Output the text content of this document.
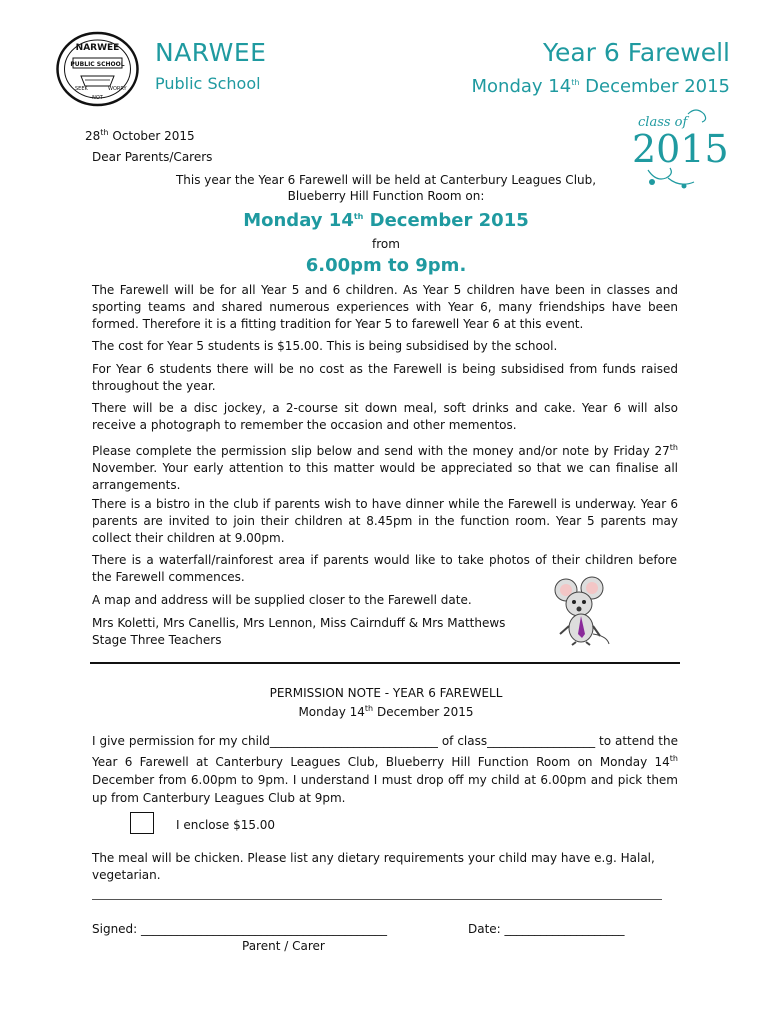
NARWEE
PUBLIC SCHOOL
SEEK
NOT
WORRY
NARWEE
Public School
Year 6 Farewell
Monday 14th December 2015
class of
2015
28th October 2015
Dear Parents/Carers
This year the Year 6 Farewell will be held at Canterbury Leagues Club,
Blueberry Hill Function Room on:
Monday 14th December 2015
from
6.00pm to 9pm.
The Farewell will be for all Year 5 and 6 children. As Year 5 children have been in classes and sporting teams and shared numerous experiences with Year 6, many friendships have been formed. Therefore it is a fitting tradition for Year 5 to farewell Year 6 at this event.
The cost for Year 5 students is $15.00. This is being subsidised by the school.
For Year 6 students there will be no cost as the Farewell is being subsidised from funds raised throughout the year.
There will be a disc jockey, a 2-course sit down meal, soft drinks and cake. Year 6 will also receive a photograph to remember the occasion and other mementos.
Please complete the permission slip below and send with the money and/or note by Friday 27th November. Your early attention to this matter would be appreciated so that we can finalise all arrangements.
There is a bistro in the club if parents wish to have dinner while the Farewell is underway. Year 6 parents are invited to join their children at 8.45pm in the function room. Year 5 parents may collect their children at 9.00pm.
There is a waterfall/rainforest area if parents would like to take photos of their children before the Farewell commences.
A map and address will be supplied closer to the Farewell date.
Mrs Koletti, Mrs Canellis, Mrs Lennon, Miss Cairnduff & Mrs Matthews
Stage Three Teachers
PERMISSION NOTE - YEAR 6 FAREWELL
Monday 14th December 2015
I give permission for my child____________________________ of class__________________ to attend the Year 6 Farewell at Canterbury Leagues Club, Blueberry Hill Function Room on Monday 14th December from 6.00pm to 9pm. I understand I must drop off my child at 6.00pm and pick them up from Canterbury Leagues Club at 9pm.
I enclose $15.00
The meal will be chicken. Please list any dietary requirements your child may have e.g. Halal, vegetarian.
Signed: _________________________________________	Date: ____________________
Parent / Carer
